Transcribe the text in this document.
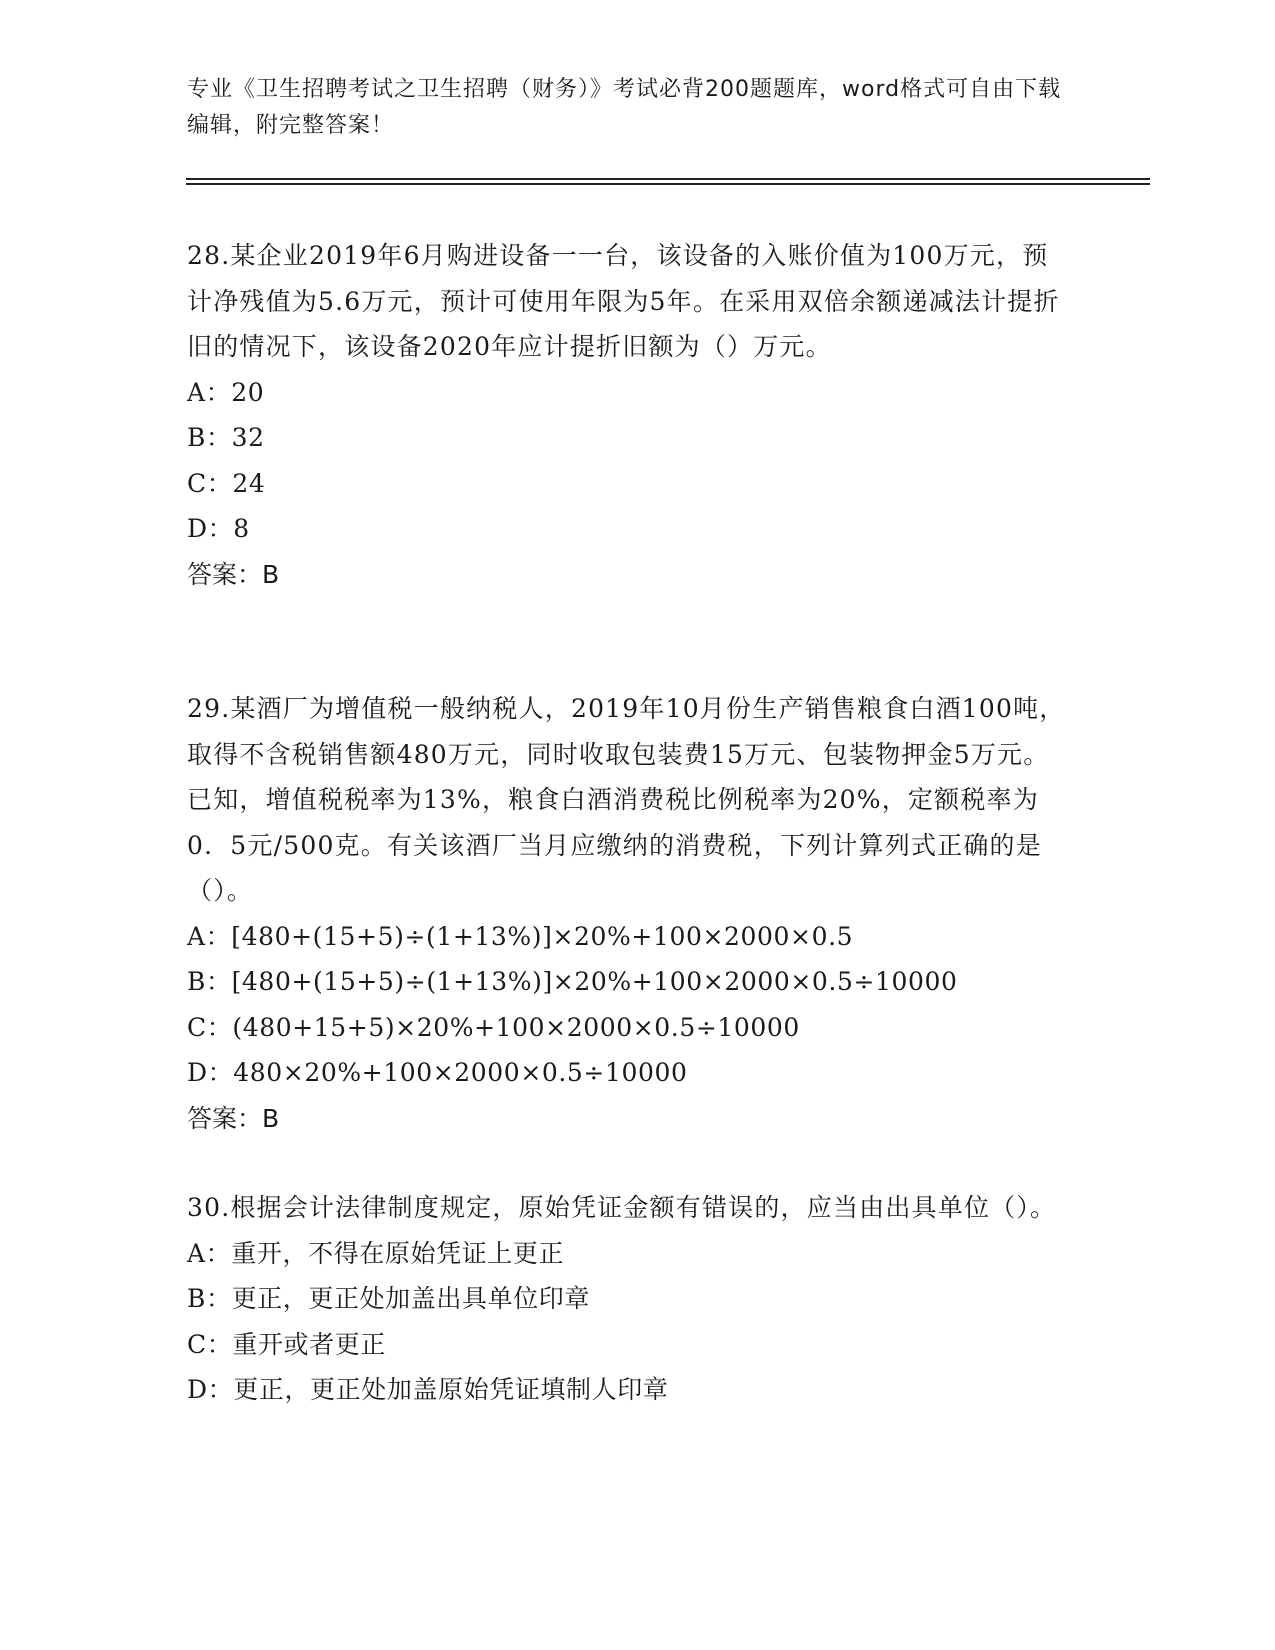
专业《卫生招聘考试之卫生招聘（财务）》考试必背200题题库，word格式可自由下载编辑，附完整答案！

28.某企业2019年6月购进设备一一台，该设备的入账价值为100万元，预计净残值为5.6万元，预计可使用年限为5年。在采用双倍余额递减法计提折旧的情况下，该设备2020年应计提折旧额为（）万元。

A：20

B：32

C：24

D：8

答案：B

29.某酒厂为增值税一般纳税人，2019年10月份生产销售粮食白酒100吨，取得不含税销售额480万元，同时收取包装费15万元、包装物押金5万元。已知，增值税税率为13%，粮食白酒消费税比例税率为20%，定额税率为0．5元/500克。有关该酒厂当月应缴纳的消费税，下列计算列式正确的是（）。

A：[480+(15+5)÷(1+13%)]×20%+100×2000×0.5

B：[480+(15+5)÷(1+13%)]×20%+100×2000×0.5÷10000

C：(480+15+5)×20%+100×2000×0.5÷10000

D：480×20%+100×2000×0.5÷10000

答案：B

30.根据会计法律制度规定，原始凭证金额有错误的，应当由出具单位（）。

A：重开，不得在原始凭证上更正

B：更正，更正处加盖出具单位印章

C：重开或者更正

D：更正，更正处加盖原始凭证填制人印章
